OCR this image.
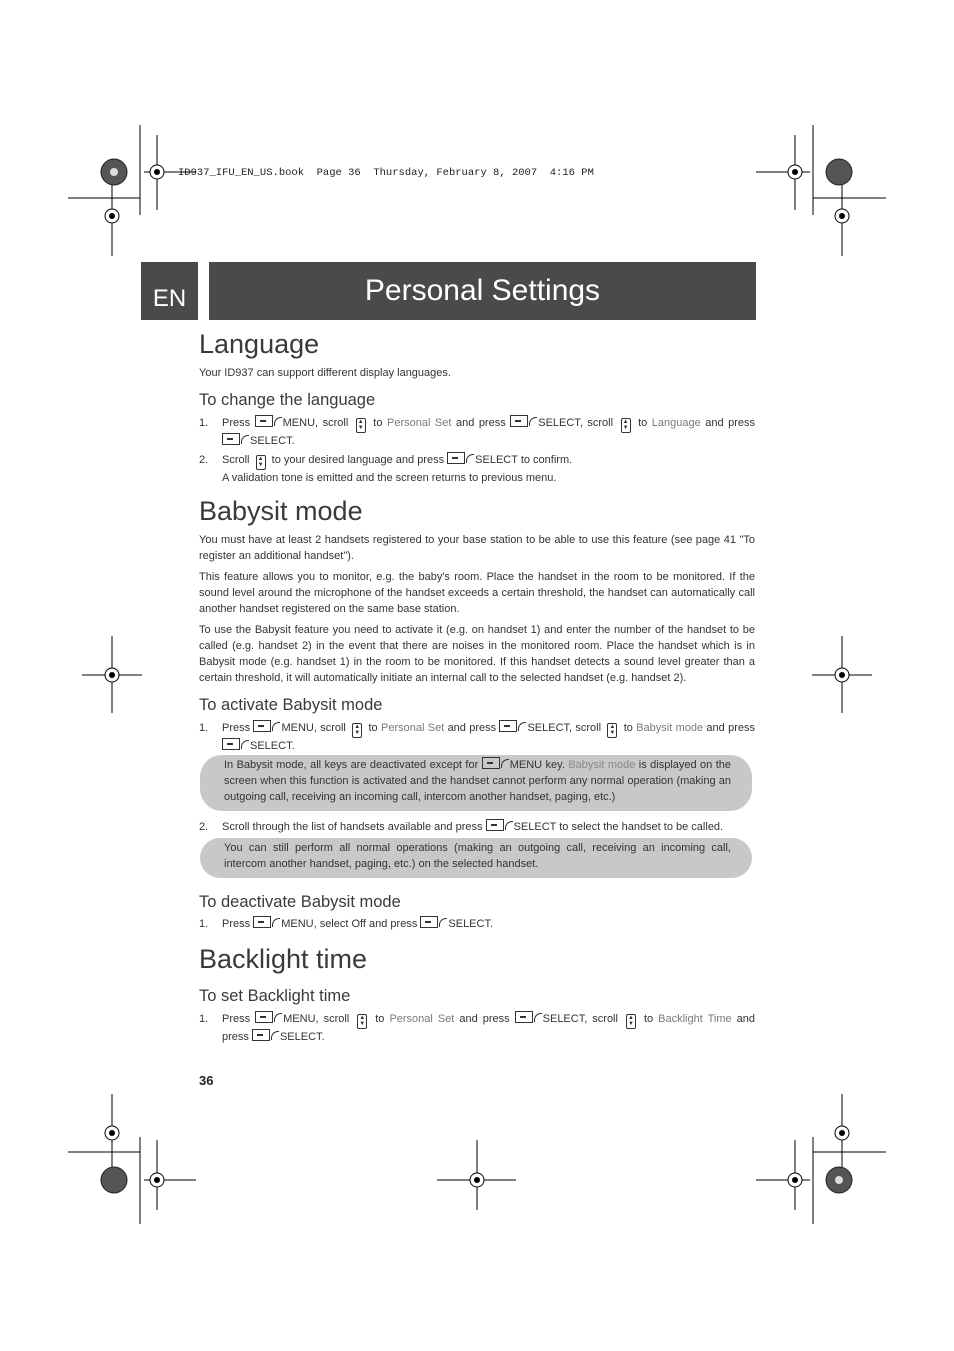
ID937_IFU_EN_US.book  Page 36  Thursday, February 8, 2007  4:16 PM
EN	Personal Settings
Language
Your ID937 can support different display languages.
To change the language
1. Press	MENU, scroll ▲
▼ to Personal Set and press	SELECT, scroll ▲
▼ to Language and press SELECT.
2. Scroll ▲
▼ to your desired language and press	SELECT to confirm.
A validation tone is emitted and the screen returns to previous menu.
Babysit mode
You must have at least 2 handsets registered to your base station to be able to use this feature (see page 41 "To register an additional handset").
This feature allows you to monitor, e.g. the baby's room. Place the handset in the room to be monitored. If the sound level around the microphone of the handset exceeds a certain threshold, the handset can automatically call another handset registered on the same base station.
To use the Babysit feature you need to activate it (e.g. on handset 1) and enter the number of the handset to be called (e.g. handset 2) in the event that there are noises in the monitored room. Place the handset which is in Babysit mode (e.g. handset 1) in the room to be monitored. If this handset detects a sound level greater than a certain threshold, it will automatically initiate an internal call to the selected handset (e.g. handset 2).
To activate Babysit mode
1. Press	MENU, scroll ▲
▼ to Personal Set and press	SELECT, scroll ▲
▼ to Babysit mode and press SELECT.
In Babysit mode, all keys are deactivated except for	MENU key. Babysit mode is displayed on the screen when this function is activated and the handset cannot perform any normal operation (making an outgoing call, receiving an incoming call, intercom another handset, paging, etc.)
2. Scroll through the list of handsets available and press	SELECT to select the handset to be called.
You can still perform all normal operations (making an outgoing call, receiving an incoming call, intercom another handset, paging, etc.) on the selected handset.
To deactivate Babysit mode
1. Press	MENU, select Off and press	SELECT.
Backlight time
To set Backlight time
1. Press	MENU, scroll ▲
▼ to Personal Set and press	SELECT, scroll ▲
▼ to Backlight Time and press	SELECT.
36
